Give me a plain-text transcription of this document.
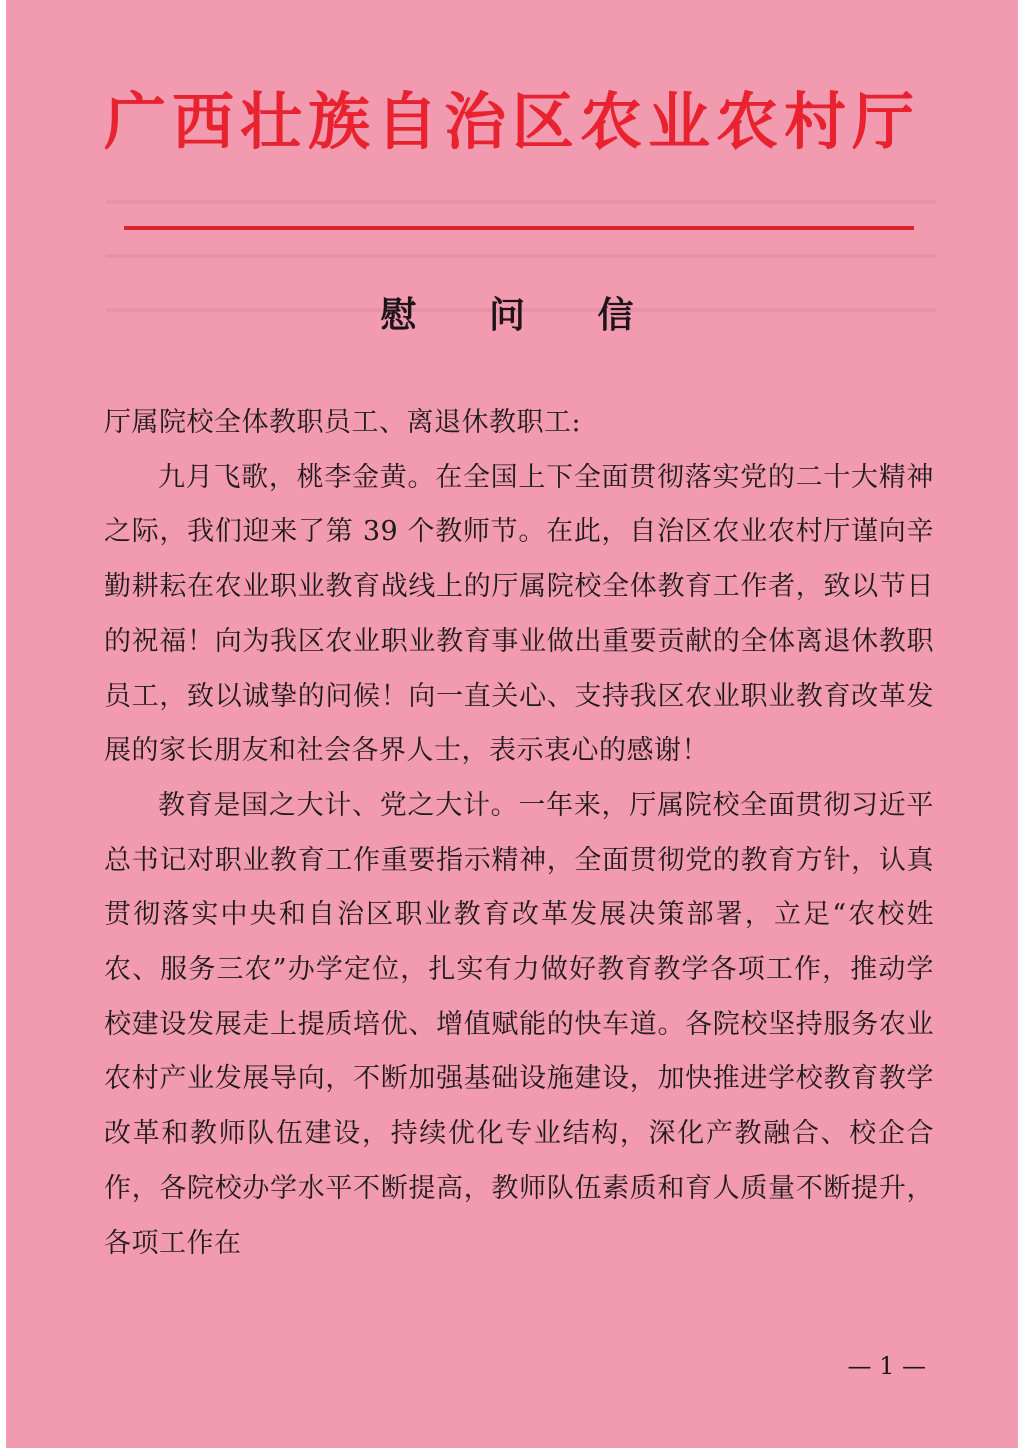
广西壮族自治区农业农村厅
慰 问 信

厅属院校全体教职员工、离退休教职工:

九月飞歌，桃李金黄。在全国上下全面贯彻落实党的二十大精神之际，我们迎来了第 39 个教师节。在此，自治区农业农村厅谨向辛勤耕耘在农业职业教育战线上的厅属院校全体教育工作者，致以节日的祝福！向为我区农业职业教育事业做出重要贡献的全体离退休教职员工，致以诚挚的问候！向一直关心、支持我区农业职业教育改革发展的家长朋友和社会各界人士，表示衷心的感谢！

教育是国之大计、党之大计。一年来，厅属院校全面贯彻习近平总书记对职业教育工作重要指示精神，全面贯彻党的教育方针，认真贯彻落实中央和自治区职业教育改革发展决策部署，立足“农校姓农、服务三农”办学定位，扎实有力做好教育教学各项工作，推动学校建设发展走上提质培优、增值赋能的快车道。各院校坚持服务农业农村产业发展导向，不断加强基础设施建设，加快推进学校教育教学改革和教师队伍建设，持续优化专业结构，深化产教融合、校企合作，各院校办学水平不断提高，教师队伍素质和育人质量不断提升，各项工作在

— 1 —
